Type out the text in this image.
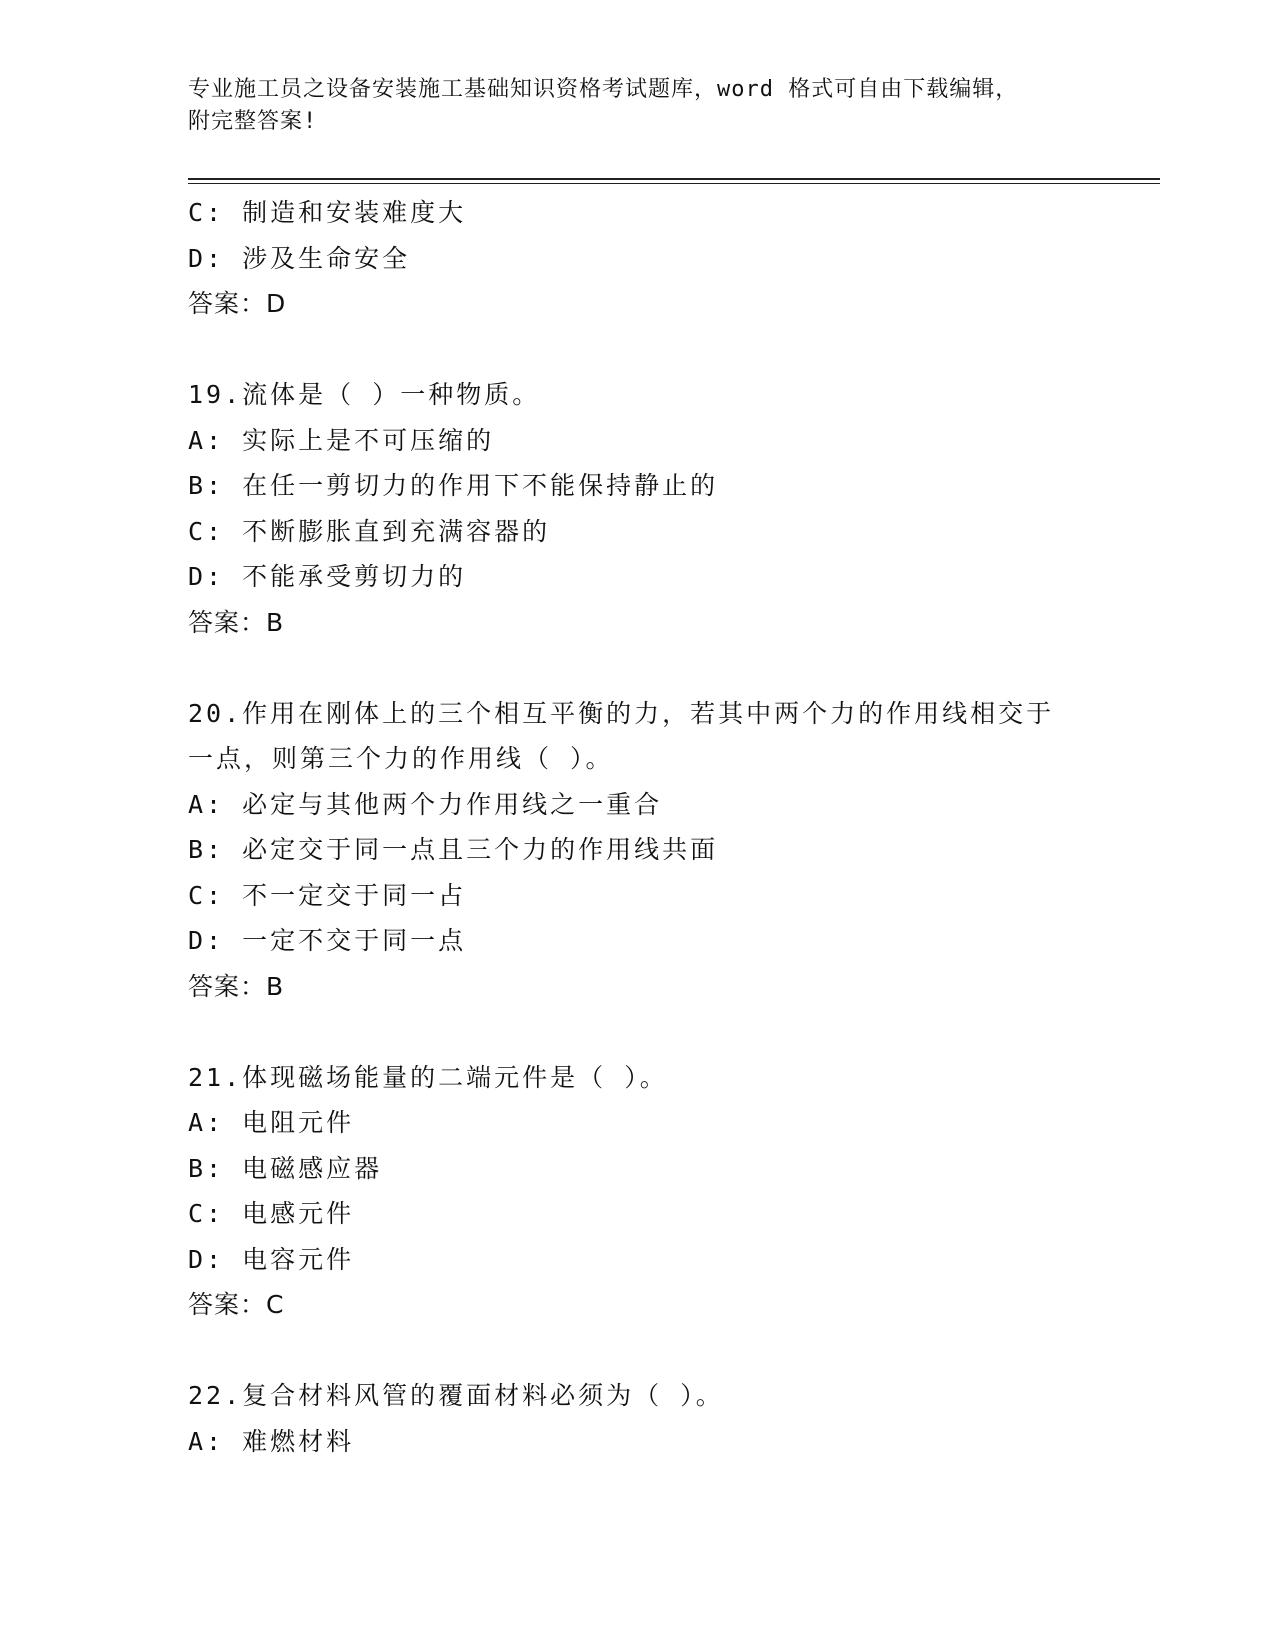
专业施工员之设备安装施工基础知识资格考试题库，word 格式可自由下载编辑，
附完整答案!
C: 制造和安装难度大
D: 涉及生命安全
答案：D
19.流体是（ ）一种物质。
A: 实际上是不可压缩的
B: 在任一剪切力的作用下不能保持静止的
C: 不断膨胀直到充满容器的
D: 不能承受剪切力的
答案：B
20.作用在刚体上的三个相互平衡的力，若其中两个力的作用线相交于
一点，则第三个力的作用线（ ）。
A: 必定与其他两个力作用线之一重合
B: 必定交于同一点且三个力的作用线共面
C: 不一定交于同一占
D: 一定不交于同一点
答案：B
21.体现磁场能量的二端元件是（ ）。
A: 电阻元件
B: 电磁感应器
C: 电感元件
D: 电容元件
答案：C
22.复合材料风管的覆面材料必须为（ ）。
A: 难燃材料
